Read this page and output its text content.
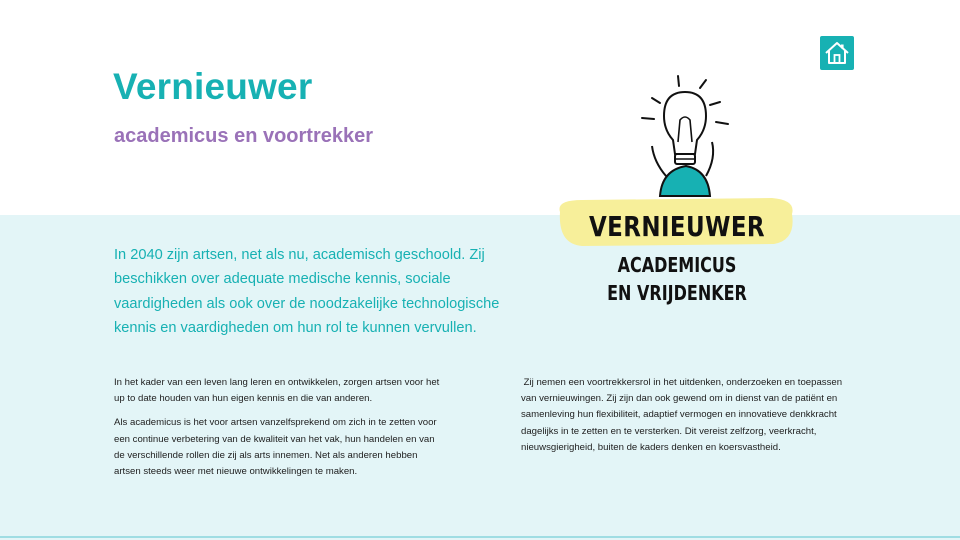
Vernieuwer
academicus en voortrekker

In 2040 zijn artsen, net als nu, academisch geschoold. Zij beschikken over adequate medische kennis, sociale vaardigheden als ook over de noodzakelijke technologische kennis en vaardigheden om hun rol te kunnen vervullen.

In het kader van een leven lang leren en ontwikkelen, zorgen artsen voor het up to date houden van hun eigen kennis en die van anderen.

Als academicus is het voor artsen vanzelfsprekend om zich in te zetten voor een continue verbetering van de kwaliteit van het vak, hun handelen en van de verschillende rollen die zij als arts innemen. Net als anderen hebben artsen steeds weer met nieuwe ontwikkelingen te maken.

Zij nemen een voortrekkersrol in het uitdenken, onderzoeken en toepassen van vernieuwingen. Zij zijn dan ook gewend om in dienst van de patiënt en samenleving hun flexibiliteit, adaptief vermogen en innovatieve denkkracht dagelijks in te zetten en te versterken. Dit vereist zelfzorg, veerkracht, nieuwsgierigheid, buiten de kaders denken en koersvastheid.

VERNIEUWER

ACADEMICUS

EN VRIJDENKER
